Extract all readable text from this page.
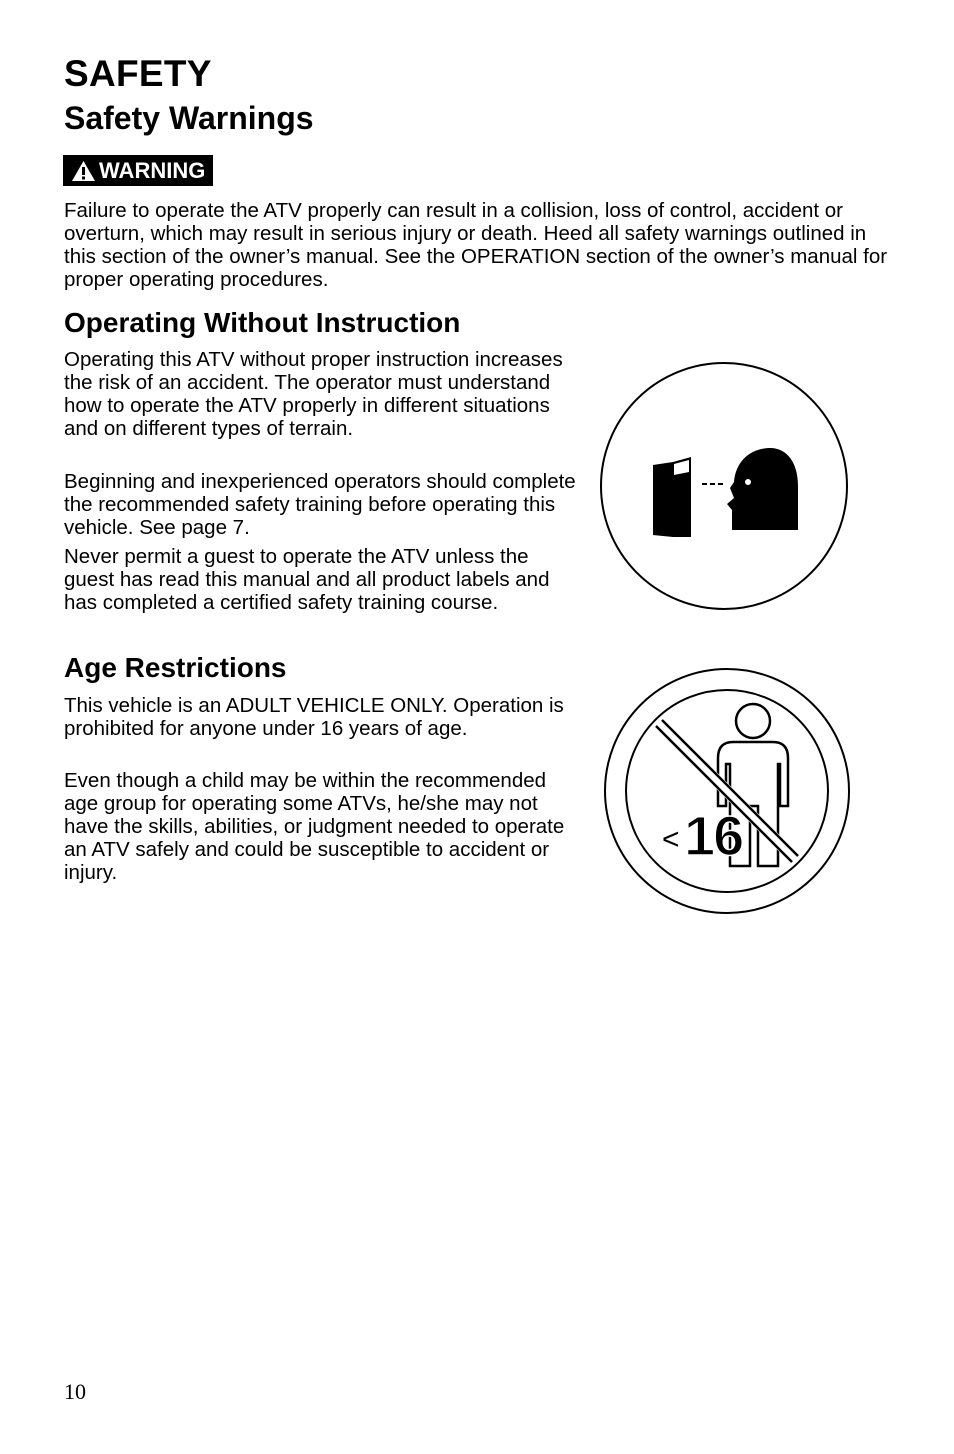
SAFETY
Safety Warnings
WARNING

Failure to operate the ATV properly can result in a collision, loss of control, accident or overturn, which may result in serious injury or death. Heed all safety warnings outlined in this section of the owner’s manual. See the OPERATION section of the owner’s manual for proper operating procedures.

Operating Without Instruction

Operating this ATV without proper instruction increases the risk of an accident. The operator must understand how to operate the ATV properly in different situations and on different types of terrain.

Beginning and inexperienced operators should complete the recommended safety training before operating this vehicle. See page 7.

Never permit a guest to operate the ATV unless the guest has read this manual and all product labels and has completed a certified safety training course.

Age Restrictions

This vehicle is an ADULT VEHICLE ONLY. Operation is prohibited for anyone under 16 years of age.

Even though a child may be within the recommended age group for operating some ATVs, he/she may not have the skills, abilities, or judgment needed to operate an ATV safely and could be susceptible to accident or injury.

< 16
10
